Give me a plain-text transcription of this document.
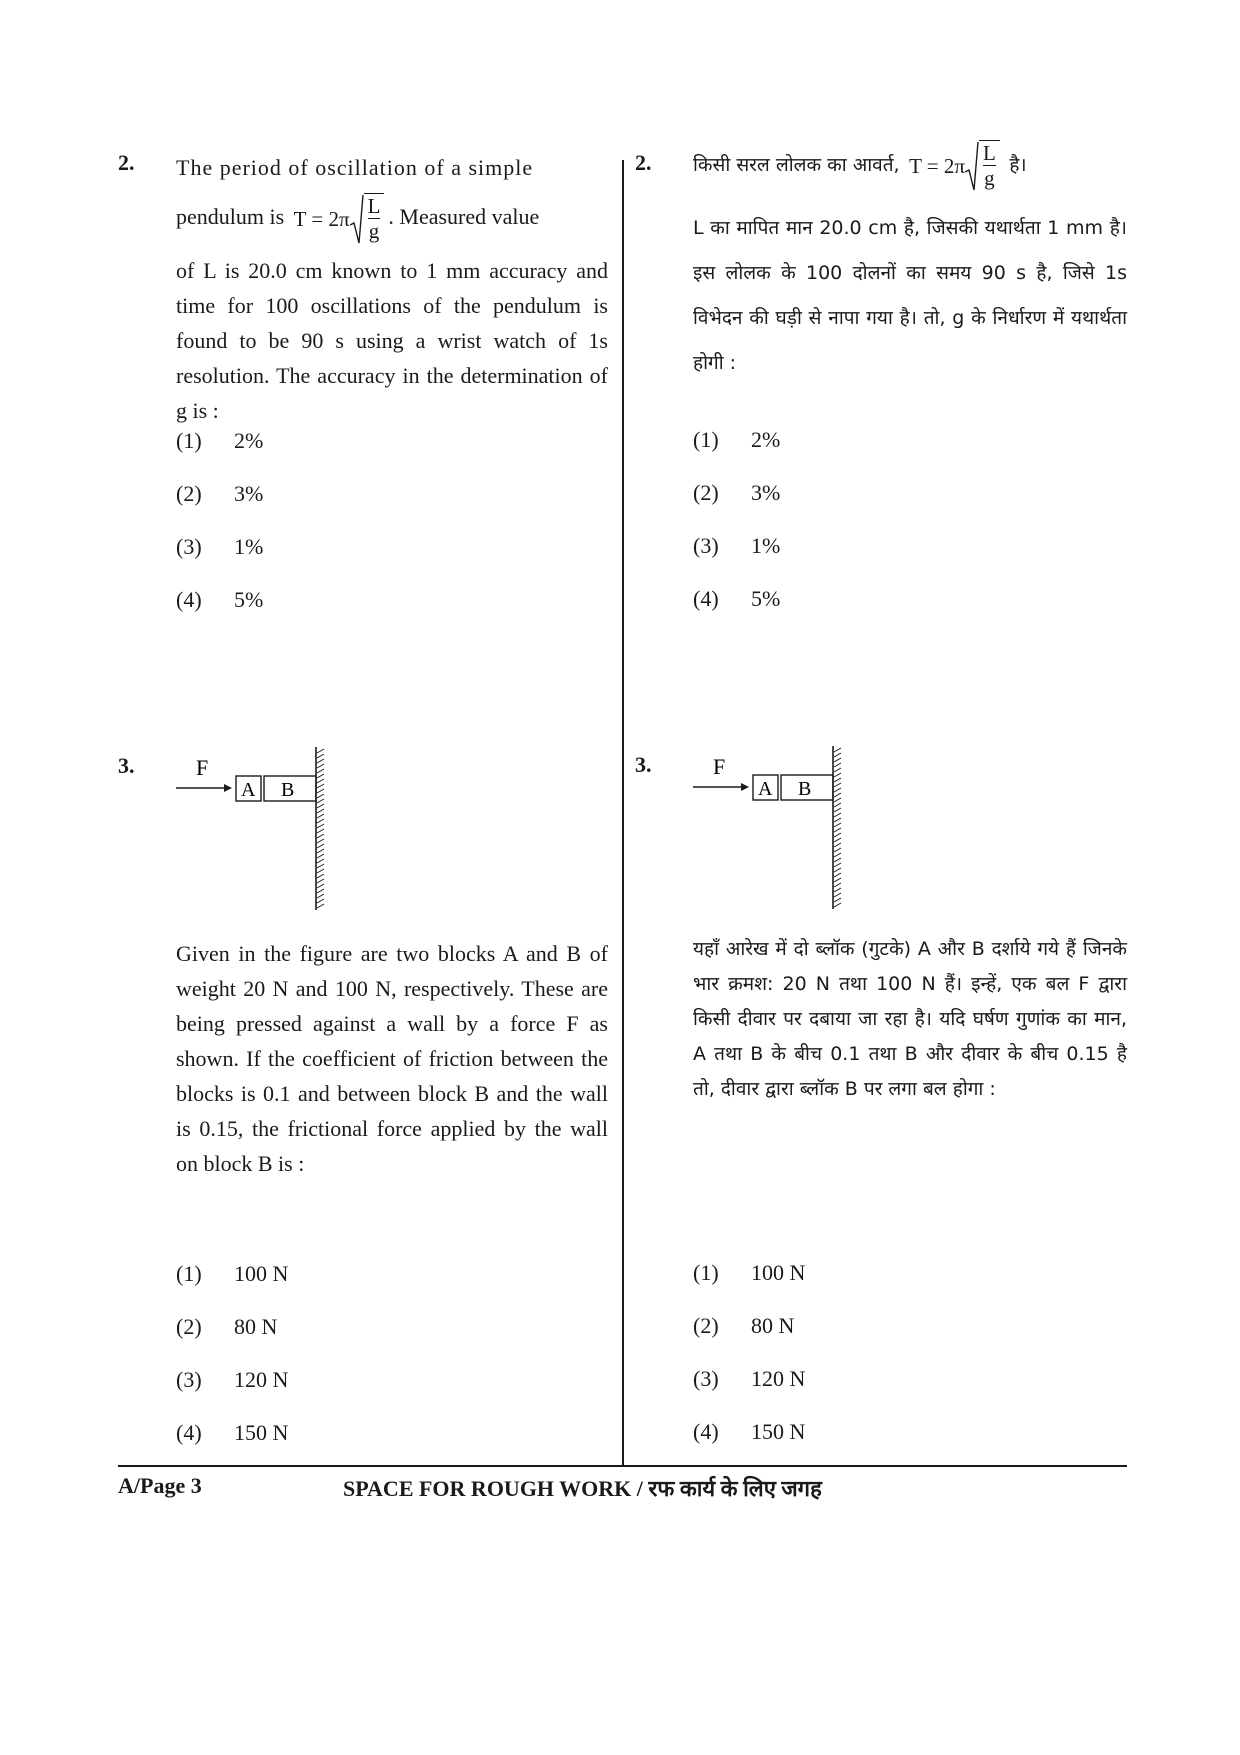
2. The period of oscillation of a simple

pendulum is $T = 2\pi \frac{L}{g}$ . Measured value

of L is 20.0 cm known to 1 mm accuracy and time for 100 oscillations of the pendulum is found to be 90 s using a wrist watch of 1s resolution. The accuracy in the determination of g is :

(1) 2%
(2) 3%
(3) 1%
(4) 5%
3.	F
A B

Given in the figure are two blocks A and B of weight 20 N and 100 N, respectively. These are being pressed against a wall by a force F as shown. If the coefficient of friction between the blocks is 0.1 and between block B and the wall is 0.15, the frictional force applied by the wall on block B is :

(1) 100 N
(2) 80 N
(3) 120 N
(4) 150 N
2. किसी सरल लोलक का आवर्त, $T = 2\pi \frac{L}{g}$ है।

L का मापित मान 20.0 cm है, जिसकी यथार्थता 1 mm है। इस लोलक के 100 दोलनों का समय 90 s है, जिसे 1s विभेदन की घड़ी से नापा गया है। तो, g के निर्धारण में यथार्थता होगी :

(1) 2%
(2) 3%
(3) 1%
(4) 5%
3.	F
A B

यहाँ आरेख में दो ब्लॉक (गुटके) A और B दर्शाये गये हैं जिनके भार क्रमश: 20 N तथा 100 N हैं। इन्हें, एक बल F द्वारा किसी दीवार पर दबाया जा रहा है। यदि घर्षण गुणांक का मान, A तथा B के बीच 0.1 तथा B और दीवार के बीच 0.15 है तो, दीवार द्वारा ब्लॉक B पर लगा बल होगा :

(1) 100 N
(2) 80 N
(3) 120 N
(4) 150 N
A/Page 3	SPACE FOR ROUGH WORK / रफ कार्य के लिए जगह
